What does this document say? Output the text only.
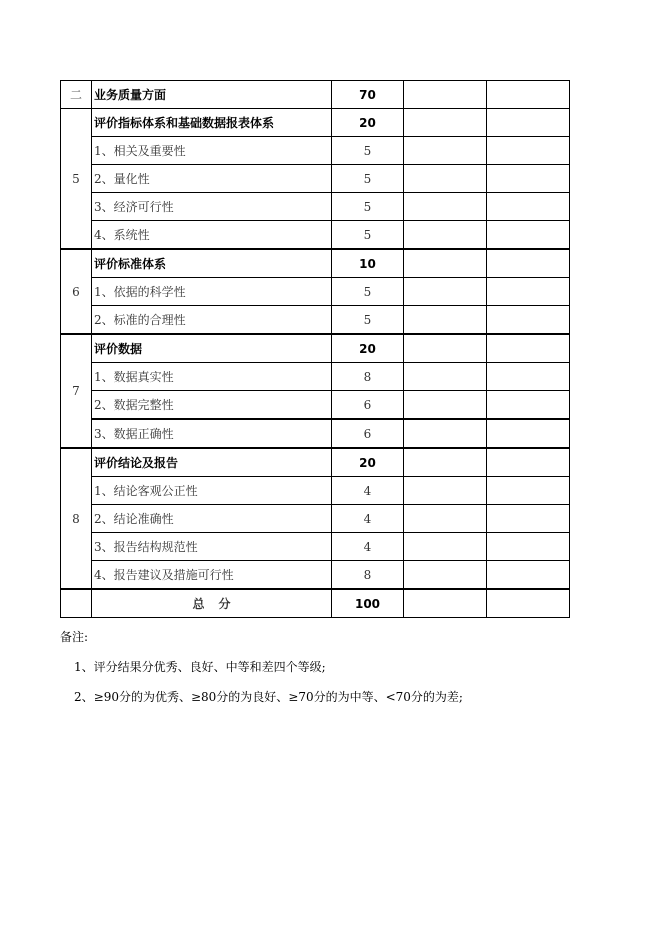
二	业务质量方面	70		
5	评价指标体系和基础数据报表体系	20		
	1、相关及重要性	5		
	2、量化性	5		
	3、经济可行性	5		
	4、系统性	5		
6	评价标准体系	10		
	1、依据的科学性	5		
	2、标准的合理性	5		
7	评价数据	20		
	1、数据真实性	8		
	2、数据完整性	6		
	3、数据正确性	6		
8	评价结论及报告	20		
	1、结论客观公正性	4		
	2、结论准确性	4		
	3、报告结构规范性	4		
	4、报告建议及措施可行性	8		
	总分	100		
备注:
1、评分结果分优秀、良好、中等和差四个等级;
2、≥90分的为优秀、≥80分的为良好、≥70分的为中等、<70分的为差;
